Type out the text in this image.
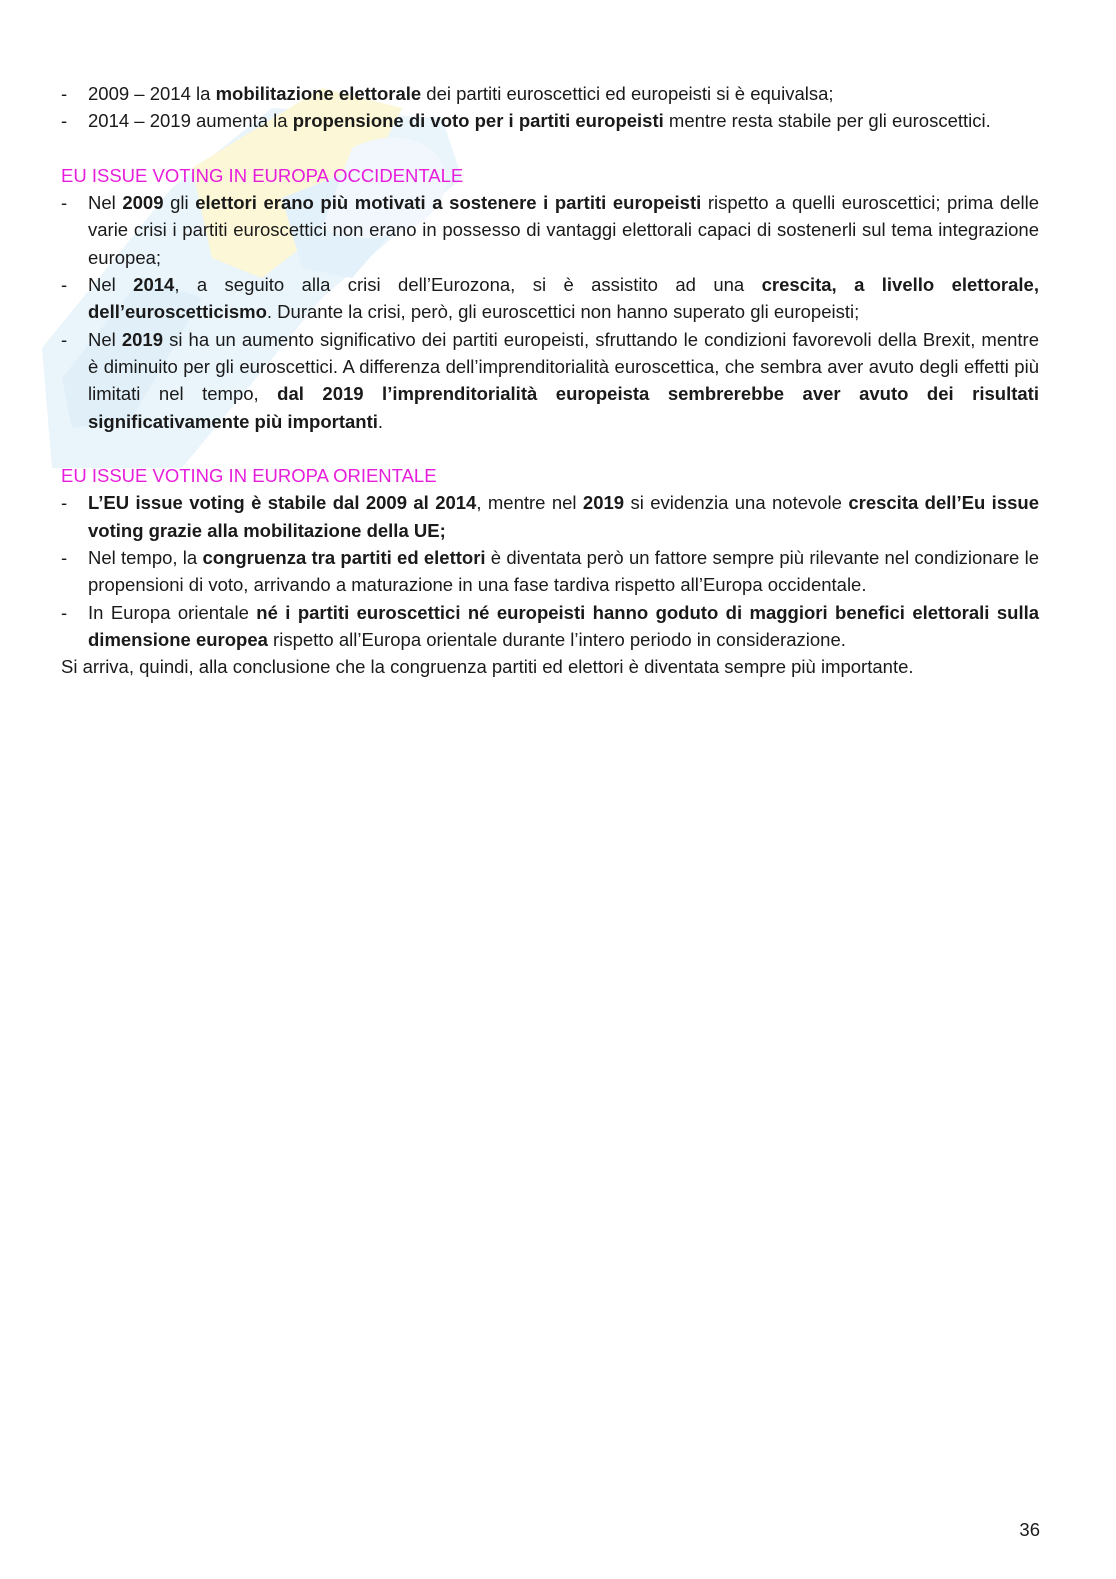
- 2009 – 2014 la mobilitazione elettorale dei partiti euroscettici ed europeisti si è equivalsa;
- 2014 – 2019 aumenta la propensione di voto per i partiti europeisti mentre resta stabile per gli euroscettici.
EU ISSUE VOTING IN EUROPA OCCIDENTALE
- Nel 2009 gli elettori erano più motivati a sostenere i partiti europeisti rispetto a quelli euroscettici; prima delle varie crisi i partiti euroscettici non erano in possesso di vantaggi elettorali capaci di sostenerli sul tema integrazione europea;
- Nel 2014, a seguito alla crisi dell’Eurozona, si è assistito ad una crescita, a livello elettorale, dell’euroscetticismo. Durante la crisi, però, gli euroscettici non hanno superato gli europeisti;
- Nel 2019 si ha un aumento significativo dei partiti europeisti, sfruttando le condizioni favorevoli della Brexit, mentre è diminuito per gli euroscettici. A differenza dell’imprenditorialità euroscettica, che sembra aver avuto degli effetti più limitati nel tempo, dal 2019 l’imprenditorialità europeista sembrerebbe aver avuto dei risultati significativamente più importanti.
EU ISSUE VOTING IN EUROPA ORIENTALE
- L’EU issue voting è stabile dal 2009 al 2014, mentre nel 2019 si evidenzia una notevole crescita dell’Eu issue voting grazie alla mobilitazione della UE;
- Nel tempo, la congruenza tra partiti ed elettori è diventata però un fattore sempre più rilevante nel condizionare le propensioni di voto, arrivando a maturazione in una fase tardiva rispetto all’Europa occidentale.
- In Europa orientale né i partiti euroscettici né europeisti hanno goduto di maggiori benefici elettorali sulla dimensione europea rispetto all’Europa orientale durante l’intero periodo in considerazione.

Si arriva, quindi, alla conclusione che la congruenza partiti ed elettori è diventata sempre più importante.

36
